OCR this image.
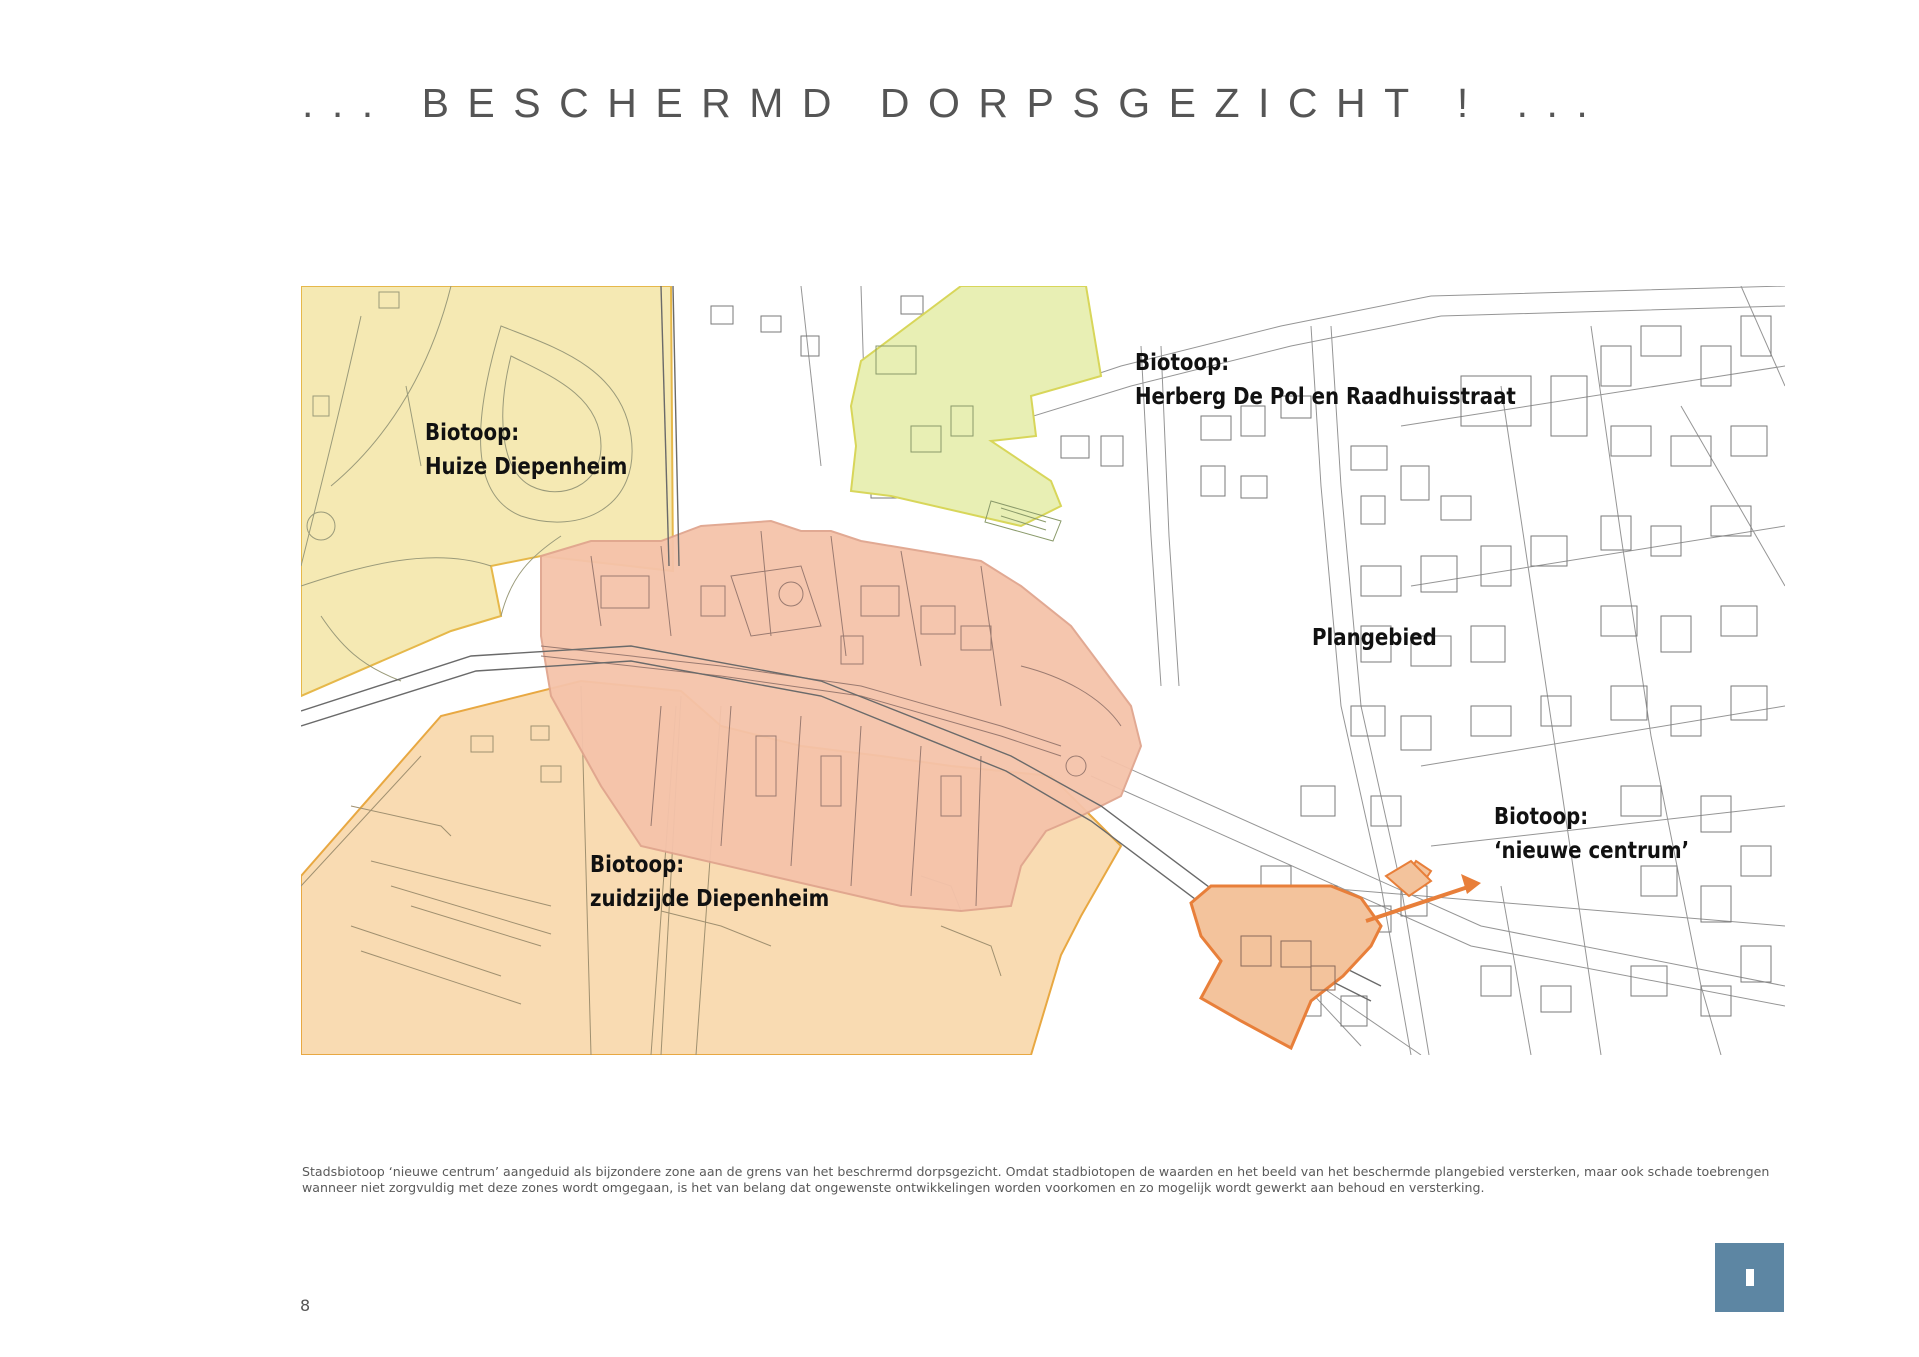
... BESCHERMD DORPSGEZICHT ! ...
Biotoop:
Huize Diepenheim
Biotoop:
Herberg De Pol en Raadhuisstraat
Plangebied
Biotoop:
‘nieuwe centrum’
Biotoop:
zuidzijde Diepenheim
Stadsbiotoop ‘nieuwe centrum’ aangeduid als bijzondere zone aan de grens van het beschrermd dorpsgezicht. Omdat stadbiotopen de waarden en het beeld van het beschermde plangebied versterken, maar ook schade toebrengen wanneer niet zorgvuldig met deze zones wordt omgegaan, is het van belang dat ongewenste ontwikkelingen worden voorkomen en zo mogelijk wordt gewerkt aan behoud en versterking.
8
